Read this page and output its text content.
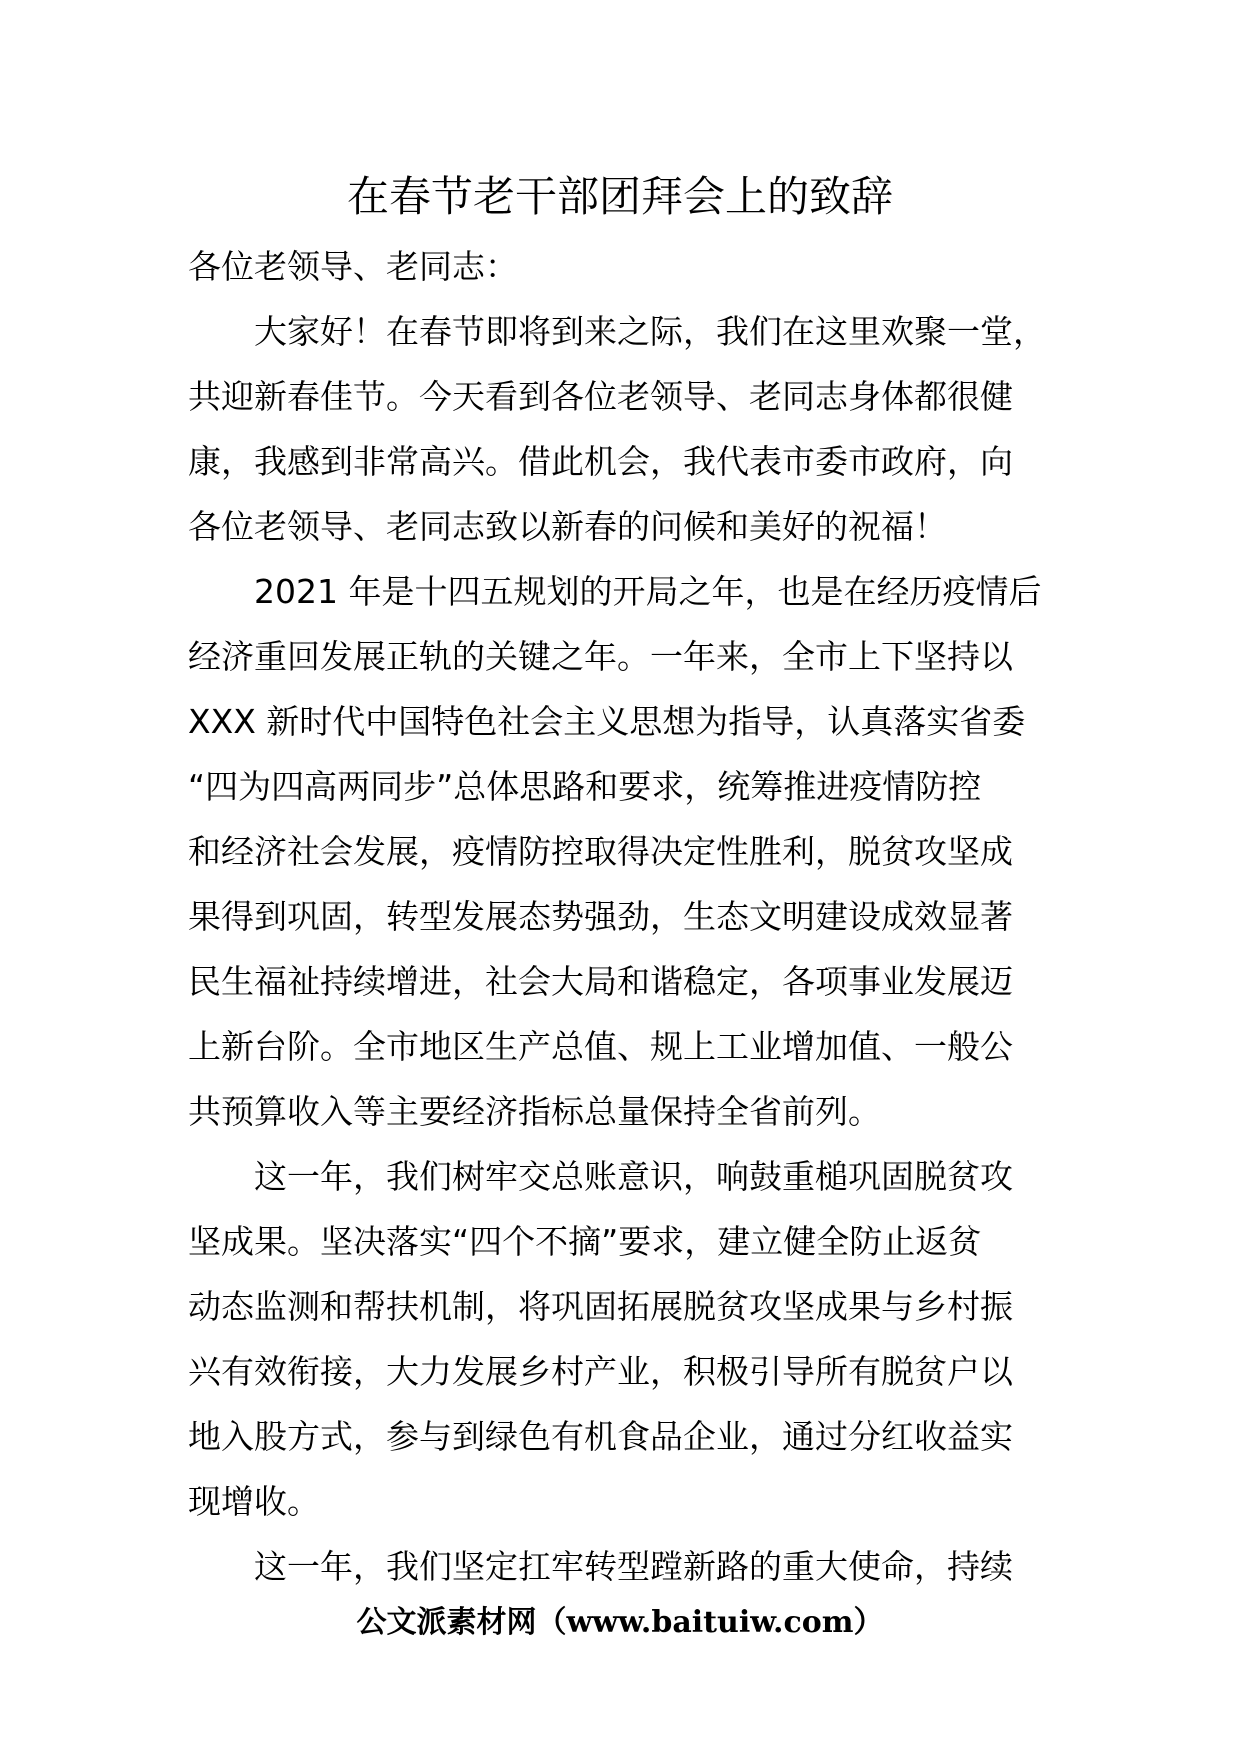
在春节老干部团拜会上的致辞

各位老领导、老同志：

大家好！在春节即将到来之际，我们在这里欢聚一堂，

共迎新春佳节。今天看到各位老领导、老同志身体都很健

康，我感到非常高兴。借此机会，我代表市委市政府，向

各位老领导、老同志致以新春的问候和美好的祝福！

2021 年是十四五规划的开局之年，也是在经历疫情后

经济重回发展正轨的关键之年。一年来，全市上下坚持以

XXX 新时代中国特色社会主义思想为指导，认真落实省委

“四为四高两同步”总体思路和要求，统筹推进疫情防控

和经济社会发展，疫情防控取得决定性胜利，脱贫攻坚成

果得到巩固，转型发展态势强劲，生态文明建设成效显著

民生福祉持续增进，社会大局和谐稳定，各项事业发展迈

上新台阶。全市地区生产总值、规上工业增加值、一般公

共预算收入等主要经济指标总量保持全省前列。

这一年，我们树牢交总账意识，响鼓重槌巩固脱贫攻

坚成果。坚决落实“四个不摘”要求，建立健全防止返贫

动态监测和帮扶机制，将巩固拓展脱贫攻坚成果与乡村振

兴有效衔接，大力发展乡村产业，积极引导所有脱贫户以

地入股方式，参与到绿色有机食品企业，通过分红收益实

现增收。

这一年，我们坚定扛牢转型蹚新路的重大使命，持续

公文派素材网（www.baituiw.com）
